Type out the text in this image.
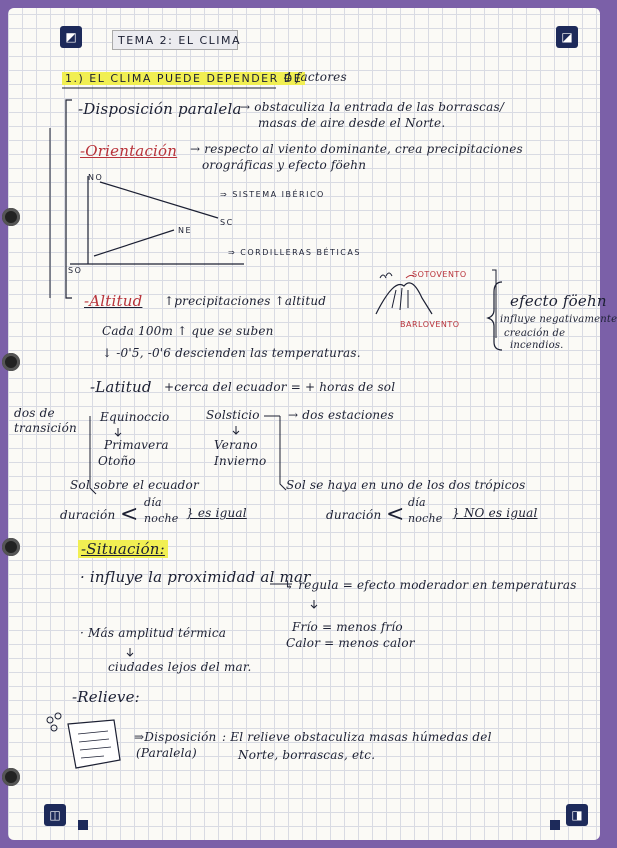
◩	◪
◫	◨
TEMA 2: EL CLIMA
1.) EL CLIMA PUEDE DEPENDER DE
4 factores
-Disposición paralela
→ obstaculiza la entrada de las borrascas/
masas de aire desde el Norte.
-Orientación → respecto al viento dominante, crea precipitaciones
orográficas y efecto föehn
NO
SO
NE
SC
⇒ SISTEMA IBÉRICO
⇒ CORDILLERAS BÉTICAS
SOTOVENTO
BARLOVENTO
efecto föehn
influye negativamente
creación de
incendios.
-Altitud ↑precipitaciones ↑altitud
Cada 100m ↑ que se suben
↓ -0'5, -0'6 descienden las temperaturas.
-Latitud +cerca del ecuador = + horas de sol
dos de transición
Equinoccio	Solsticio → dos estaciones
Primavera
Otoño
Verano
Invierno
Sol sobre el ecuador	Sol se haya en uno de los dos trópicos
duración < día
noche } es igual	duración < día
noche } NO es igual
-Situación:
· influye la proximidad al mar
↳ regula = efecto moderador en temperaturas
· Más amplitud térmica	Frío = menos frío
Calor = menos calor
ciudades lejos del mar.
-Relieve:
⇒Disposición
(Paralela)
: El relieve obstaculiza masas húmedas del
Norte, borrascas, etc.
